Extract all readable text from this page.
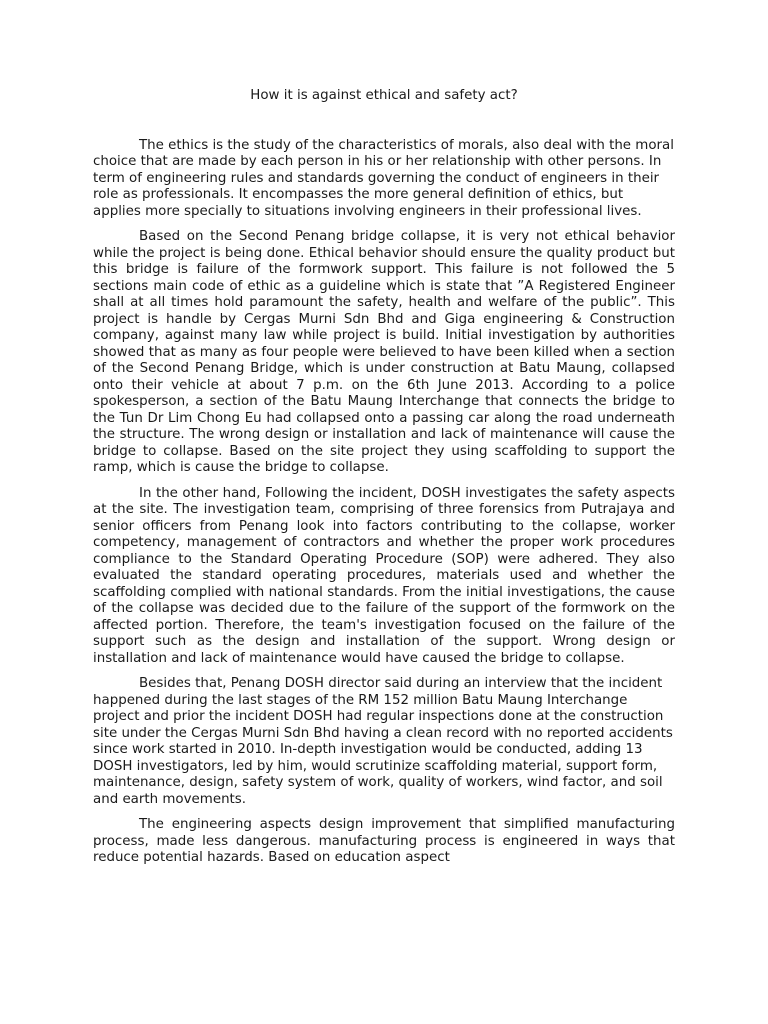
How it is against ethical and safety act?

The ethics is the study of the characteristics of morals, also deal with the moral choice that are made by each person in his or her relationship with other persons. In term of engineering rules and standards governing the conduct of engineers in their role as professionals. It encompasses the more general definition of ethics, but applies more specially to situations involving engineers in their professional lives.

Based on the Second Penang bridge collapse, it is very not ethical behavior while the project is being done. Ethical behavior should ensure the quality product but this bridge is failure of the formwork support. This failure is not followed the 5 sections main code of ethic as a guideline which is state that ”A Registered Engineer shall at all times hold paramount the safety, health and welfare of the public”. This project is handle by Cergas Murni Sdn Bhd and Giga engineering & Construction company, against many law while project is build. Initial investigation by authorities showed that as many as four people were believed to have been killed when a section of the Second Penang Bridge, which is under construction at Batu Maung, collapsed onto their vehicle at about 7 p.m. on the 6th June 2013. According to a police spokesperson, a section of the Batu Maung Interchange that connects the bridge to the Tun Dr Lim Chong Eu had collapsed onto a passing car along the road underneath the structure. The wrong design or installation and lack of maintenance will cause the bridge to collapse. Based on the site project they using scaffolding to support the ramp, which is cause the bridge to collapse.

In the other hand, Following the incident, DOSH investigates the safety aspects at the site. The investigation team, comprising of three forensics from Putrajaya and senior officers from Penang look into factors contributing to the collapse, worker competency, management of contractors and whether the proper work procedures compliance to the Standard Operating Procedure (SOP) were adhered. They also evaluated the standard operating procedures, materials used and whether the scaffolding complied with national standards. From the initial investigations, the cause of the collapse was decided due to the failure of the support of the formwork on the affected portion. Therefore, the team's investigation focused on the failure of the support such as the design and installation of the support. Wrong design or installation and lack of maintenance would have caused the bridge to collapse.

Besides that, Penang DOSH director said during an interview that the incident happened during the last stages of the RM 152 million Batu Maung Interchange project and prior the incident DOSH had regular inspections done at the construction site under the Cergas Murni Sdn Bhd having a clean record with no reported accidents since work started in 2010. In-depth investigation would be conducted, adding 13 DOSH investigators, led by him, would scrutinize scaffolding material, support form, maintenance, design, safety system of work, quality of workers, wind factor, and soil and earth movements.

The engineering aspects design improvement that simplified manufacturing process, made less dangerous. manufacturing process is engineered in ways that reduce potential hazards. Based on education aspect
